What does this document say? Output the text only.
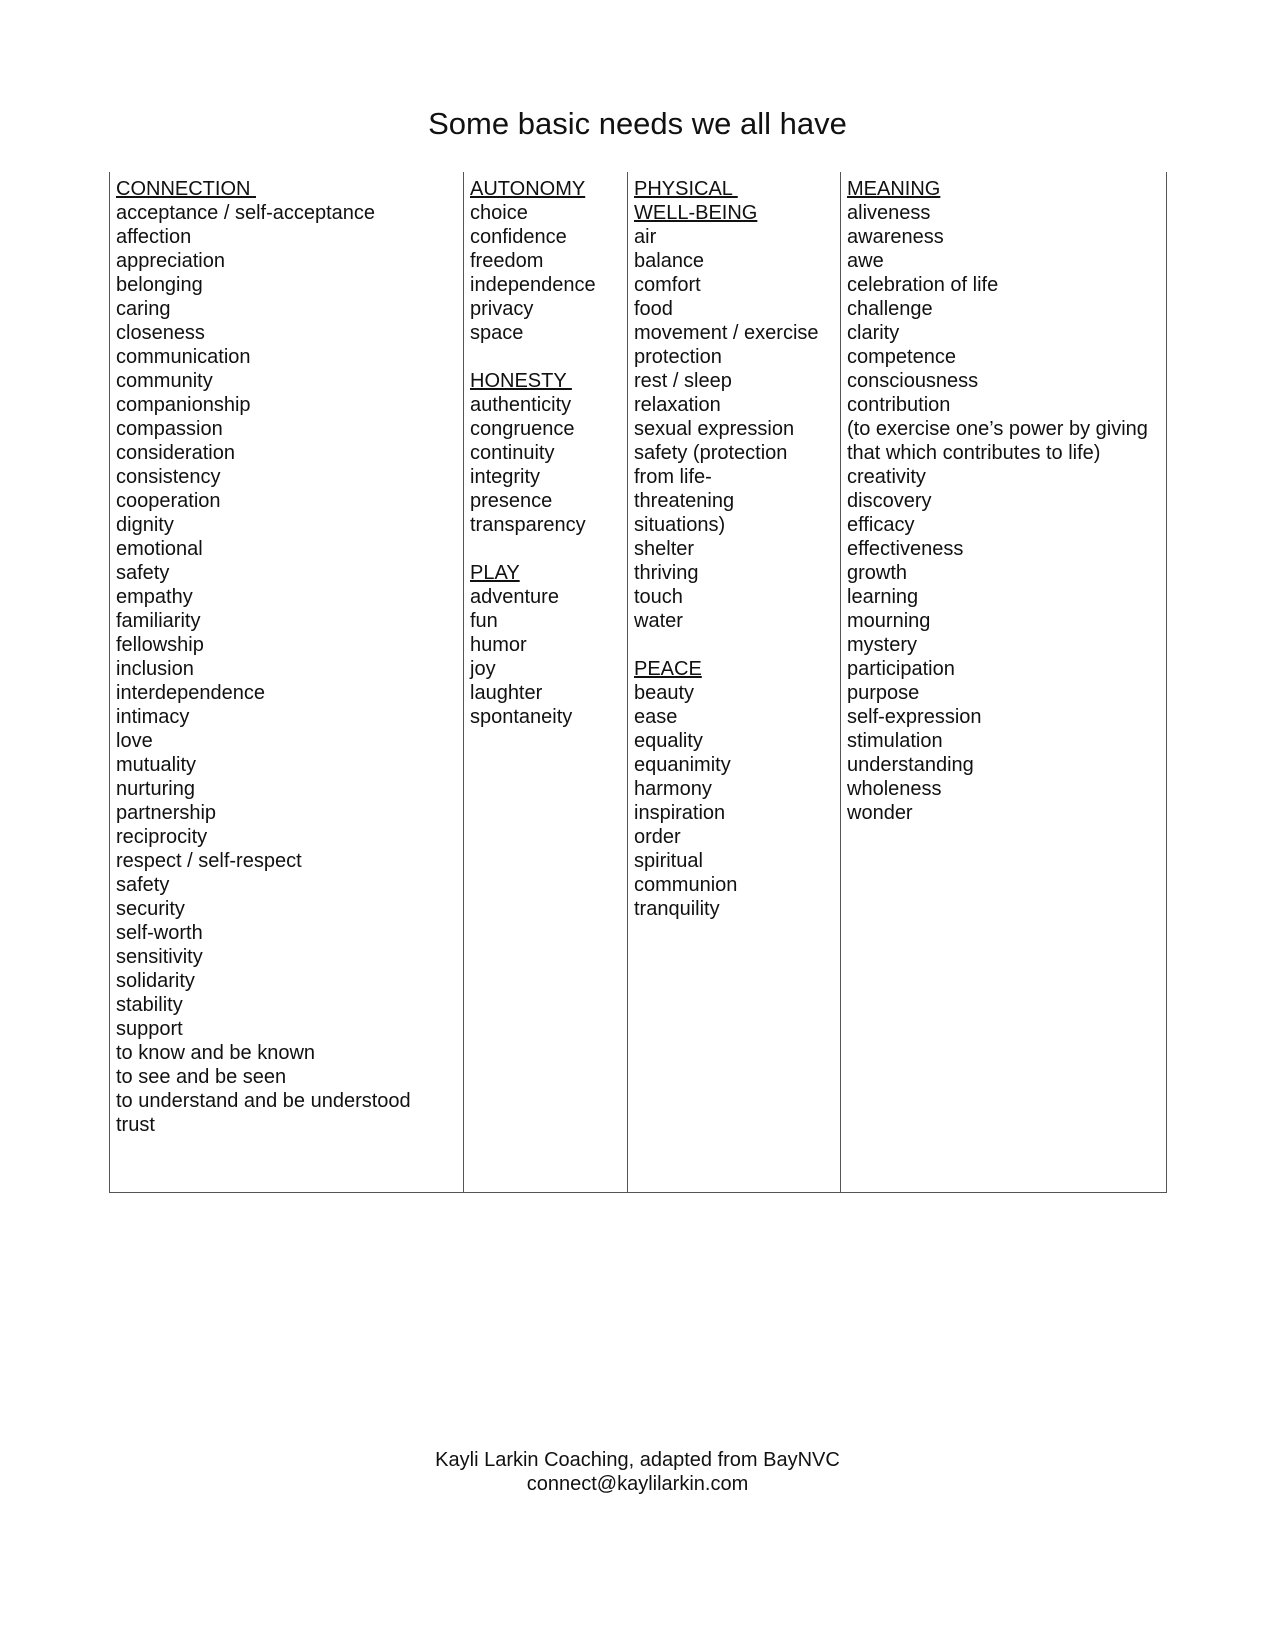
Some basic needs we all have
CONNECTION
acceptance / self-acceptance
affection
appreciation
belonging
caring
closeness
communication
community
companionship
compassion
consideration
consistency
cooperation
dignity
emotional
safety
empathy
familiarity
fellowship
inclusion
interdependence
intimacy
love
mutuality
nurturing
partnership
reciprocity
respect / self-respect
safety
security
self-worth
sensitivity
solidarity
stability
support
to know and be known
to see and be seen
to understand and be understood
trust
AUTONOMY
choice
confidence
freedom
independence
privacy
space
HONESTY
authenticity
congruence
continuity
integrity
presence
transparency
PLAY
adventure
fun
humor
joy
laughter
spontaneity
PHYSICAL
WELL-BEING
air
balance
comfort
food
movement / exercise
protection
rest / sleep
relaxation
sexual expression
safety (protection
from life-
threatening
situations)
shelter
thriving
touch
water
PEACE
beauty
ease
equality
equanimity
harmony
inspiration
order
spiritual
communion
tranquility
MEANING
aliveness
awareness
awe
celebration of life
challenge
clarity
competence
consciousness
contribution
(to exercise one’s power by giving
that which contributes to life)
creativity
discovery
efficacy
effectiveness
growth
learning
mourning
mystery
participation
purpose
self-expression
stimulation
understanding
wholeness
wonder
Kayli Larkin Coaching, adapted from BayNVC
connect@kaylilarkin.com
